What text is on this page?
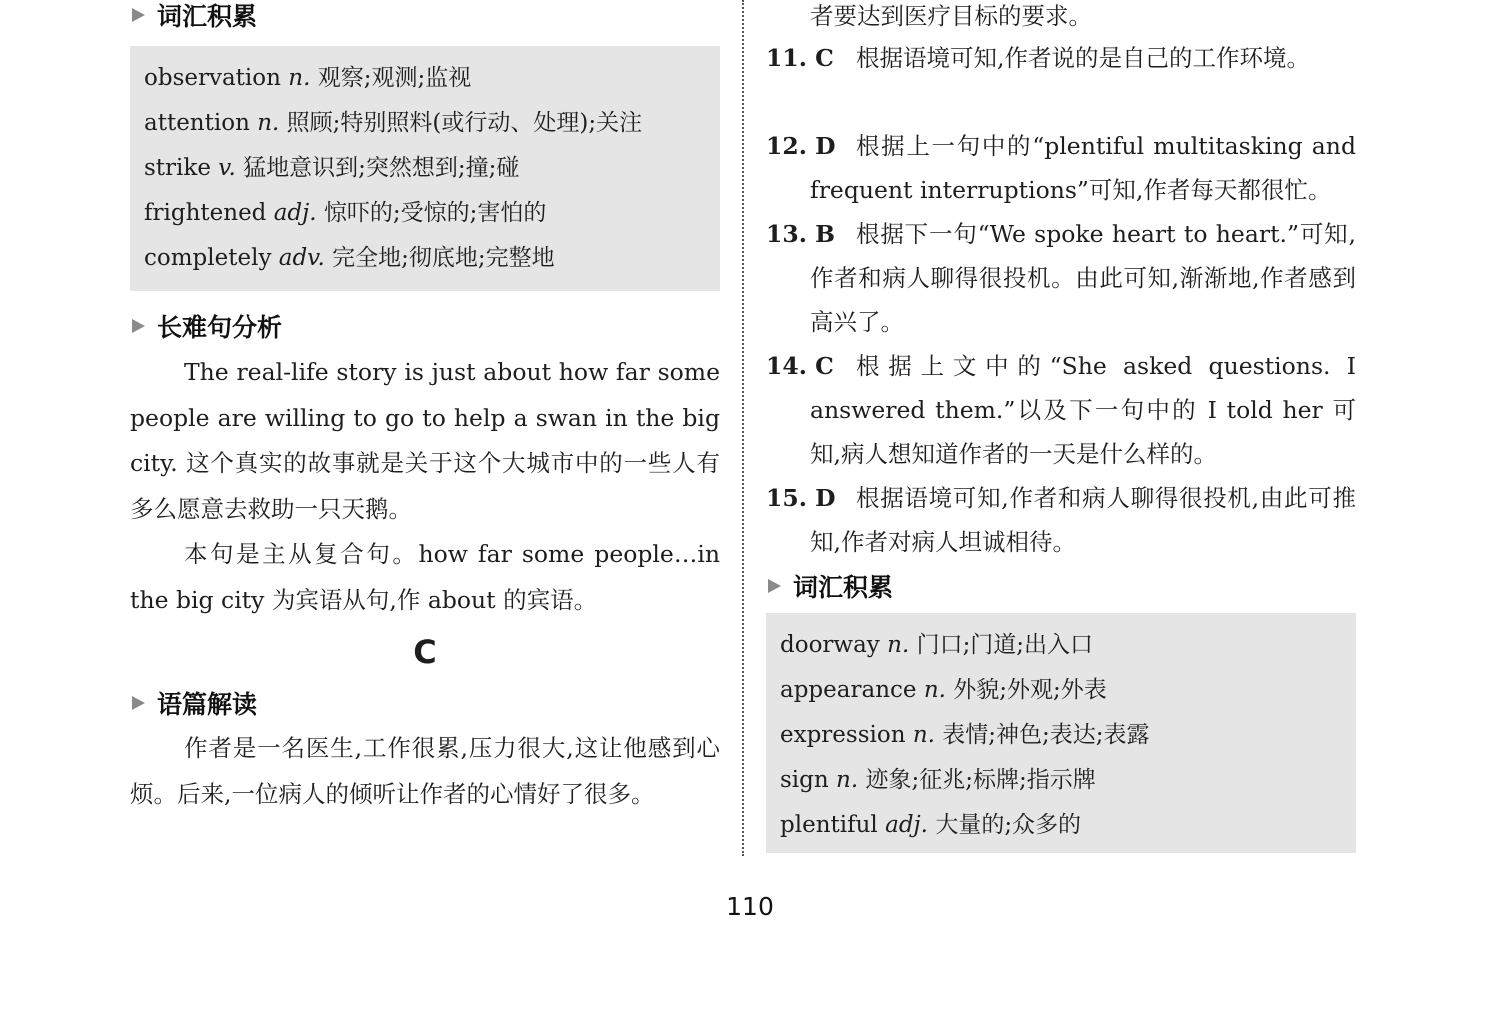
词汇积累
observation n. 观察;观测;监视
attention n. 照顾;特别照料(或行动、处理);关注
strike v. 猛地意识到;突然想到;撞;碰
frightened adj. 惊吓的;受惊的;害怕的
completely adv. 完全地;彻底地;完整地
长难句分析
The real-life story is just about how far some people are willing to go to help a swan in the big city. 这个真实的故事就是关于这个大城市中的一些人有多么愿意去救助一只天鹅。
本句是主从复合句。how far some people…in the big city 为宾语从句,作 about 的宾语。
C
语篇解读
作者是一名医生,工作很累,压力很大,这让他感到心烦。后来,一位病人的倾听让作者的心情好了很多。
者要达到医疗目标的要求。
11. C 根据语境可知,作者说的是自己的工作环境。
12. D 根据上一句中的“plentiful multitasking and frequent interruptions”可知,作者每天都很忙。
13. B 根据下一句“We spoke heart to heart.”可知,作者和病人聊得很投机。由此可知,渐渐地,作者感到高兴了。
14. C 根据上文中的“She asked questions. I answered them.”以及下一句中的 I told her 可知,病人想知道作者的一天是什么样的。
15. D 根据语境可知,作者和病人聊得很投机,由此可推知,作者对病人坦诚相待。
词汇积累
doorway n. 门口;门道;出入口
appearance n. 外貌;外观;外表
expression n. 表情;神色;表达;表露
sign n. 迹象;征兆;标牌;指示牌
plentiful adj. 大量的;众多的
110
